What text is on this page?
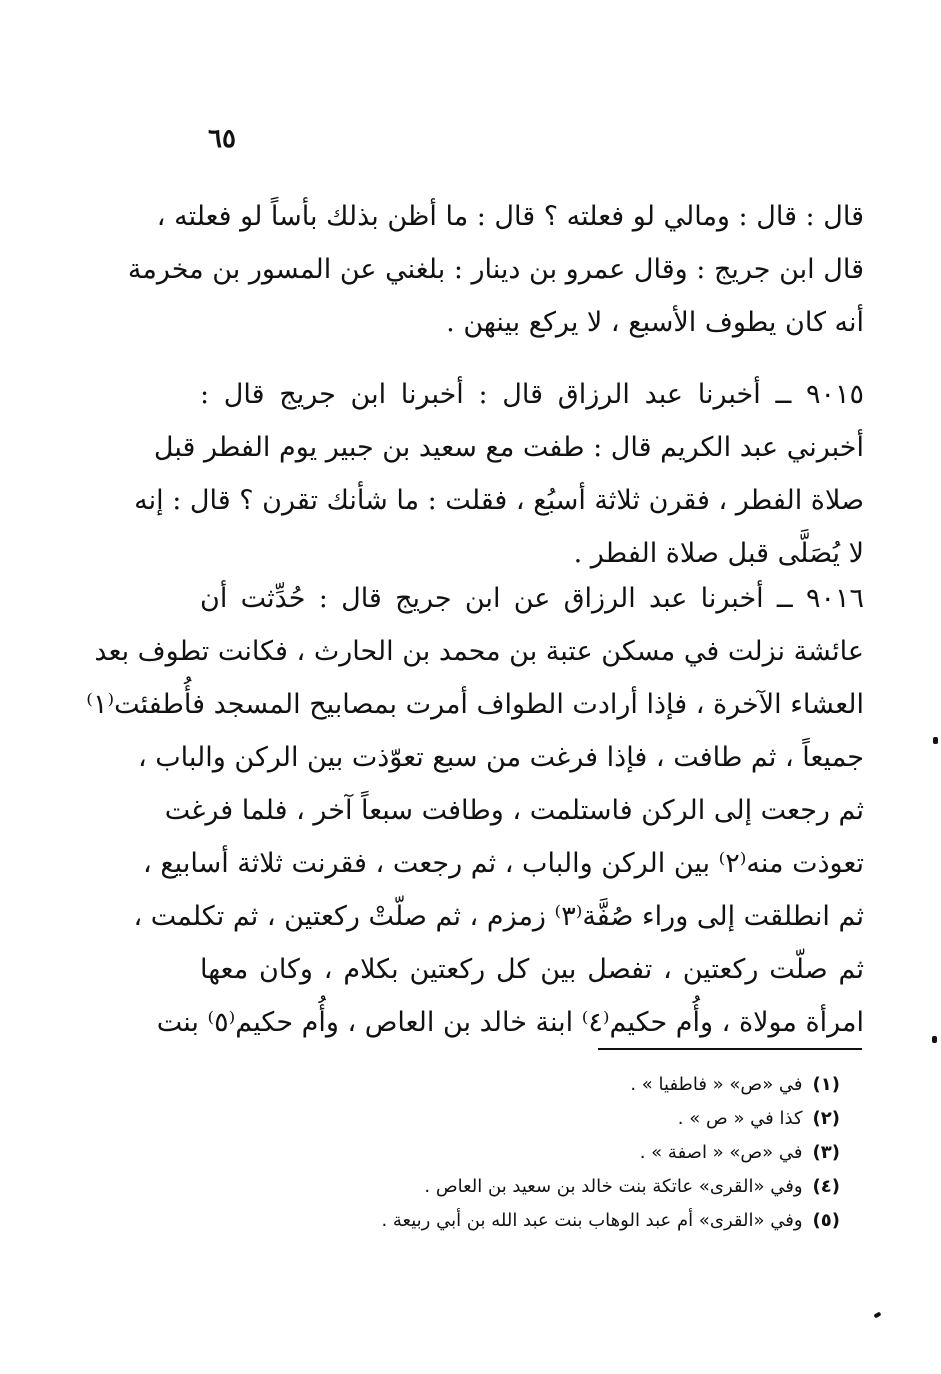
٦٥

قال : قال : ومالي لو فعلته ؟ قال : ما أظن بذلك بأساً لو فعلته ،
قال ابن جريج : وقال عمرو بن دينار : بلغني عن المسور بن مخرمة
أنه كان يطوف الأسبع ، لا يركع بينهن .

٩٠١٥ ــ أخبرنا عبد الرزاق قال : أخبرنا ابن جريج قال :
أخبرني عبد الكريم قال : طفت مع سعيد بن جبير يوم الفطر قبل
صلاة الفطر ، فقرن ثلاثة أسبُع ، فقلت : ما شأنك تقرن ؟ قال : إنه
لا يُصَلَّى قبل صلاة الفطر .

٩٠١٦ ــ أخبرنا عبد الرزاق عن ابن جريج قال : حُدِّثت أن
عائشة نزلت في مسكن عتبة بن محمد بن الحارث ، فكانت تطوف بعد
العشاء الآخرة ، فإذا أرادت الطواف أمرت بمصابيح المسجد فأُطفئت⁽١⁾
جميعاً ، ثم طافت ، فإذا فرغت من سبع تعوّذت بين الركن والباب ،
ثم رجعت إلى الركن فاستلمت ، وطافت سبعاً آخر ، فلما فرغت
تعوذت منه⁽٢⁾ بين الركن والباب ، ثم رجعت ، فقرنت ثلاثة أسابيع ،
ثم انطلقت إلى وراء صُفَّة⁽٣⁾ زمزم ، ثم صلّتْ ركعتين ، ثم تكلمت ،
ثم صلّت ركعتين ، تفصل بين كل ركعتين بكلام ، وكان معها
امرأة مولاة ، وأُم حكيم⁽٤⁾ ابنة خالد بن العاص ، وأُم حكيم⁽٥⁾ بنت

(١)في «ص» « فاطفيا » .
(٢)كذا في « ص » .
(٣)في «ص» « اصفة » .
(٤)وفي «القرى» عاتكة بنت خالد بن سعيد بن العاص .
(٥)وفي «القرى» أم عبد الوهاب بنت عبد الله بن أبي ربيعة .
